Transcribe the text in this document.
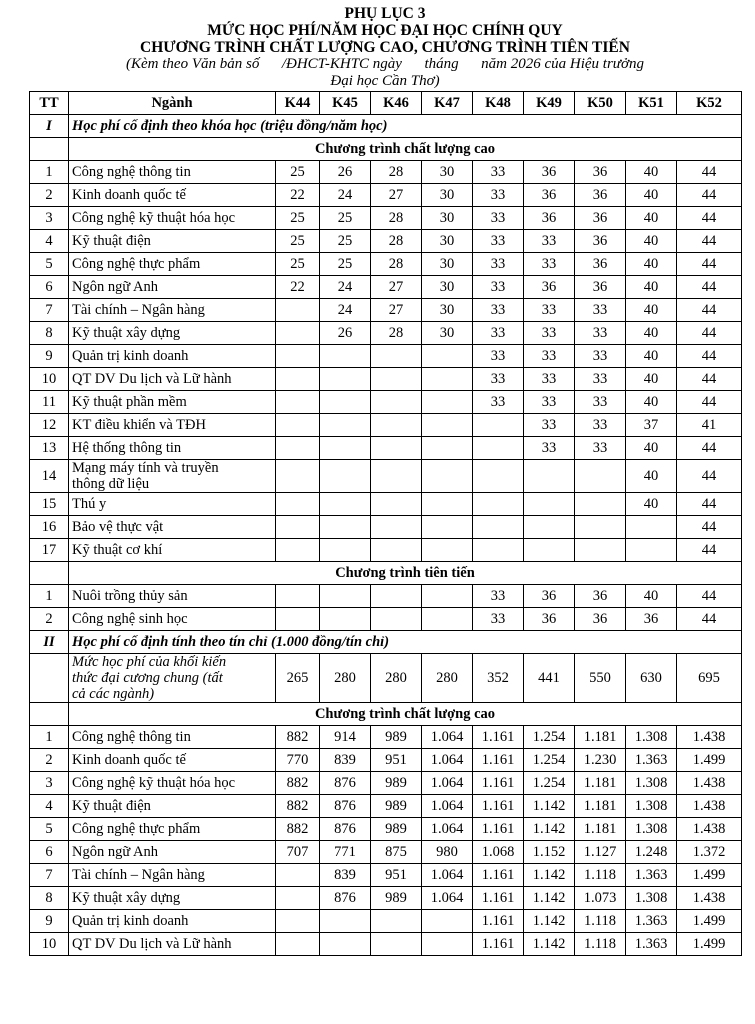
PHỤ LỤC 3
MỨC HỌC PHÍ/NĂM HỌC ĐẠI HỌC CHÍNH QUY
CHƯƠNG TRÌNH CHẤT LƯỢNG CAO, CHƯƠNG TRÌNH TIÊN TIẾN
(Kèm theo Văn bản số      /ĐHCT-KHTC ngày      tháng      năm 2026 của Hiệu trưởng
Đại học Cần Thơ)
TT	Ngành	K44	K45	K46	K47	K48	K49	K50	K51	K52
I	Học phí cố định theo khóa học (triệu đồng/năm học)									
	Chương trình chất lượng cao									
1	Công nghệ thông tin	25	26	28	30	33	36	36	40	44
2	Kinh doanh quốc tế	22	24	27	30	33	36	36	40	44
3	Công nghệ kỹ thuật hóa học	25	25	28	30	33	36	36	40	44
4	Kỹ thuật điện	25	25	28	30	33	33	36	40	44
5	Công nghệ thực phẩm	25	25	28	30	33	33	36	40	44
6	Ngôn ngữ Anh	22	24	27	30	33	36	36	40	44
7	Tài chính – Ngân hàng		24	27	30	33	33	33	40	44
8	Kỹ thuật xây dựng		26	28	30	33	33	33	40	44
9	Quản trị kinh doanh					33	33	33	40	44
10	QT DV Du lịch và Lữ hành					33	33	33	40	44
11	Kỹ thuật phần mềm					33	33	33	40	44
12	KT điều khiển và TĐH						33	33	37	41
13	Hệ thống thông tin						33	33	40	44
14	Mạng máy tính và truyền
thông dữ liệu								40	44
15	Thú y								40	44
16	Bảo vệ thực vật									44
17	Kỹ thuật cơ khí									44
	Chương trình tiên tiến									
1	Nuôi trồng thủy sản					33	36	36	40	44
2	Công nghệ sinh học					33	36	36	36	44
II	Học phí cố định tính theo tín chỉ (1.000 đồng/tín chỉ)									
	Mức học phí của khối kiến
thức đại cương chung (tất
cả các ngành)	265	280	280	280	352	441	550	630	695
	Chương trình chất lượng cao									
1	Công nghệ thông tin	882	914	989	1.064	1.161	1.254	1.181	1.308	1.438
2	Kinh doanh quốc tế	770	839	951	1.064	1.161	1.254	1.230	1.363	1.499
3	Công nghệ kỹ thuật hóa học	882	876	989	1.064	1.161	1.254	1.181	1.308	1.438
4	Kỹ thuật điện	882	876	989	1.064	1.161	1.142	1.181	1.308	1.438
5	Công nghệ thực phẩm	882	876	989	1.064	1.161	1.142	1.181	1.308	1.438
6	Ngôn ngữ Anh	707	771	875	980	1.068	1.152	1.127	1.248	1.372
7	Tài chính – Ngân hàng		839	951	1.064	1.161	1.142	1.118	1.363	1.499
8	Kỹ thuật xây dựng		876	989	1.064	1.161	1.142	1.073	1.308	1.438
9	Quản trị kinh doanh					1.161	1.142	1.118	1.363	1.499
10	QT DV Du lịch và Lữ hành					1.161	1.142	1.118	1.363	1.499
